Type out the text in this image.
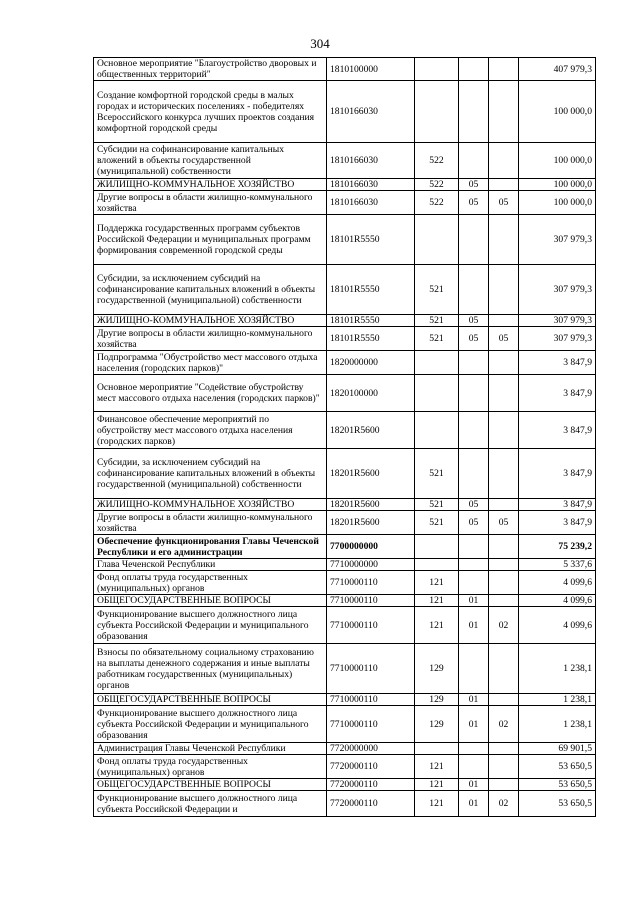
304
Основное мероприятие "Благоустройство дворовых и общественных территорий"	1810100000				407 979,3
Создание комфортной городской среды в малых городах и исторических поселениях - победителях Всероссийского конкурса лучших проектов создания комфортной городской среды	1810166030				100 000,0
Субсидии на софинансирование капитальных вложений в объекты государственной (муниципальной) собственности	1810166030	522			100 000,0
ЖИЛИЩНО-КОММУНАЛЬНОЕ ХОЗЯЙСТВО	1810166030	522	05		100 000,0
Другие вопросы в области жилищно-коммунального хозяйства	1810166030	522	05	05	100 000,0
Поддержка государственных программ субъектов Российской Федерации и муниципальных программ формирования современной городской среды	18101R5550				307 979,3
Субсидии, за исключением субсидий на софинансирование капитальных вложений в объекты государственной (муниципальной) собственности	18101R5550	521			307 979,3
ЖИЛИЩНО-КОММУНАЛЬНОЕ ХОЗЯЙСТВО	18101R5550	521	05		307 979,3
Другие вопросы в области жилищно-коммунального хозяйства	18101R5550	521	05	05	307 979,3
Подпрограмма "Обустройство мест массового отдыха населения (городских парков)"	1820000000				3 847,9
Основное мероприятие "Содействие обустройству мест массового отдыха населения (городских парков)"	1820100000				3 847,9
Финансовое обеспечение мероприятий по обустройству мест массового отдыха населения (городских парков)	18201R5600				3 847,9
Субсидии, за исключением субсидий на софинансирование капитальных вложений в объекты государственной (муниципальной) собственности	18201R5600	521			3 847,9
ЖИЛИЩНО-КОММУНАЛЬНОЕ ХОЗЯЙСТВО	18201R5600	521	05		3 847,9
Другие вопросы в области жилищно-коммунального хозяйства	18201R5600	521	05	05	3 847,9
Обеспечение функционирования Главы Чеченской Республики и его администрации	7700000000				75 239,2
Глава Чеченской Республики	7710000000				5 337,6
Фонд оплаты труда государственных (муниципальных) органов	7710000110	121			4 099,6
ОБЩЕГОСУДАРСТВЕННЫЕ ВОПРОСЫ	7710000110	121	01		4 099,6
Функционирование высшего должностного лица субъекта Российской Федерации и муниципального образования	7710000110	121	01	02	4 099,6
Взносы по обязательному социальному страхованию на выплаты денежного содержания и иные выплаты работникам государственных (муниципальных) органов	7710000110	129			1 238,1
ОБЩЕГОСУДАРСТВЕННЫЕ ВОПРОСЫ	7710000110	129	01		1 238,1
Функционирование высшего должностного лица субъекта Российской Федерации и муниципального образования	7710000110	129	01	02	1 238,1
Администрация Главы Чеченской Республики	7720000000				69 901,5
Фонд оплаты труда государственных (муниципальных) органов	7720000110	121			53 650,5
ОБЩЕГОСУДАРСТВЕННЫЕ ВОПРОСЫ	7720000110	121	01		53 650,5
Функционирование высшего должностного лица субъекта Российской Федерации и	7720000110	121	01	02	53 650,5
